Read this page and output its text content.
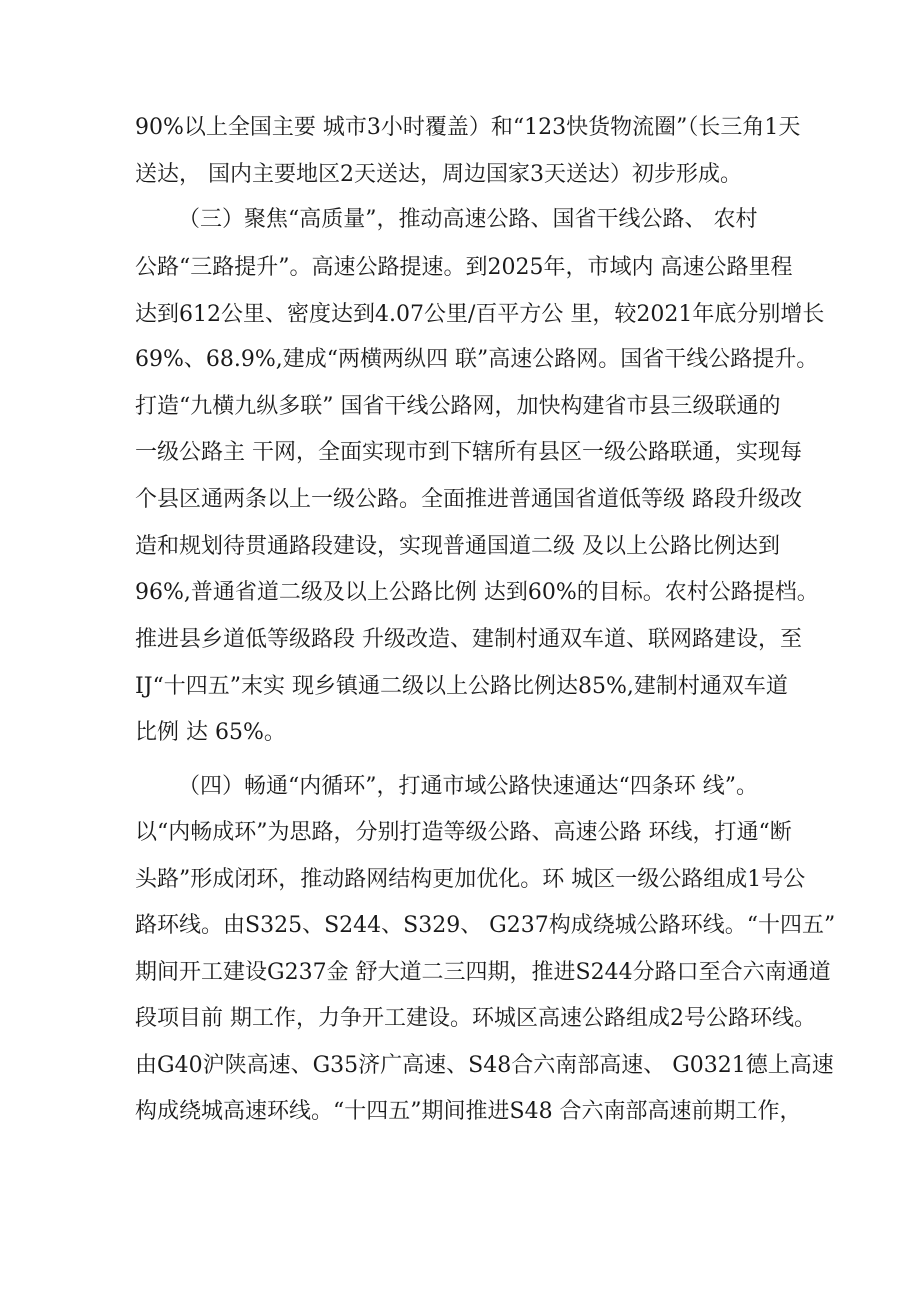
90%以上全国主要 城市3小时覆盖）和“123快货物流圈”（长三角1天
送达， 国内主要地区2天送达，周边国家3天送达）初步形成。
（三）聚焦“高质量”，推动高速公路、国省干线公路、 农村
公路“三路提升”。高速公路提速。到2025年，市域内 高速公路里程
达到612公里、密度达到4.07公里/百平方公 里，较2021年底分别增长
69%、68.9%,建成“两横两纵四 联”高速公路网。国省干线公路提升。
打造“九横九纵多联” 国省干线公路网，加快构建省市县三级联通的
一级公路主 干网，全面实现市到下辖所有县区一级公路联通，实现每
个县区通两条以上一级公路。全面推进普通国省道低等级 路段升级改
造和规划待贯通路段建设，实现普通国道二级 及以上公路比例达到
96%,普通省道二级及以上公路比例 达到60%的目标。农村公路提档。
推进县乡道低等级路段 升级改造、建制村通双车道、联网路建设，至
IJ“十四五”末实 现乡镇通二级以上公路比例达85%,建制村通双车道
比例 达 65%。
（四）畅通“内循环”，打通市域公路快速通达“四条环 线”。
以“内畅成环”为思路，分别打造等级公路、高速公路 环线，打通“断
头路”形成闭环，推动路网结构更加优化。环 城区一级公路组成1号公
路环线。由S325、S244、S329、 G237构成绕城公路环线。“十四五”
期间开工建设G237金 舒大道二三四期，推进S244分路口至合六南通道
段项目前 期工作，力争开工建设。环城区高速公路组成2号公路环线。
由G40沪陕高速、G35济广高速、S48合六南部高速、 G0321德上高速
构成绕城高速环线。“十四五”期间推进S48 合六南部高速前期工作，
